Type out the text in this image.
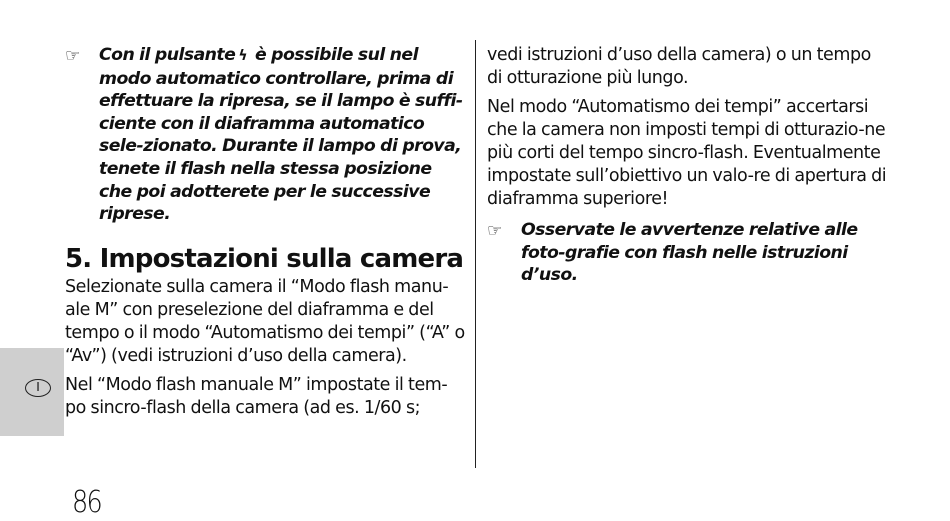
☞ Con il pulsante ϟ è possibile sul nel modo automatico controllare, prima di effettuare la ripresa, se il lampo è suffi-ciente con il diaframma automatico sele-zionato. Durante il lampo di prova, tenete il flash nella stessa posizione che poi adotterete per le successive riprese.

5. Impostazioni sulla camera

Selezionate sulla camera il “Modo flash manu-ale M” con preselezione del diaframma e del tempo o il modo “Automatismo dei tempi” (“A” o “Av”) (vedi istruzioni d’uso della camera).

Nel “Modo flash manuale M” impostate il tem-po sincro-flash della camera (ad es. 1/60 s;

vedi istruzioni d’uso della camera) o un tempo di otturazione più lungo.

Nel modo “Automatismo dei tempi” accertarsi che la camera non imposti tempi di otturazio-ne più corti del tempo sincro-flash. Eventualmente impostate sull’obiettivo un valo-re di apertura di diaframma superiore!

☞ Osservate le avvertenze relative alle foto-grafie con flash nelle istruzioni d’uso.

I
86
